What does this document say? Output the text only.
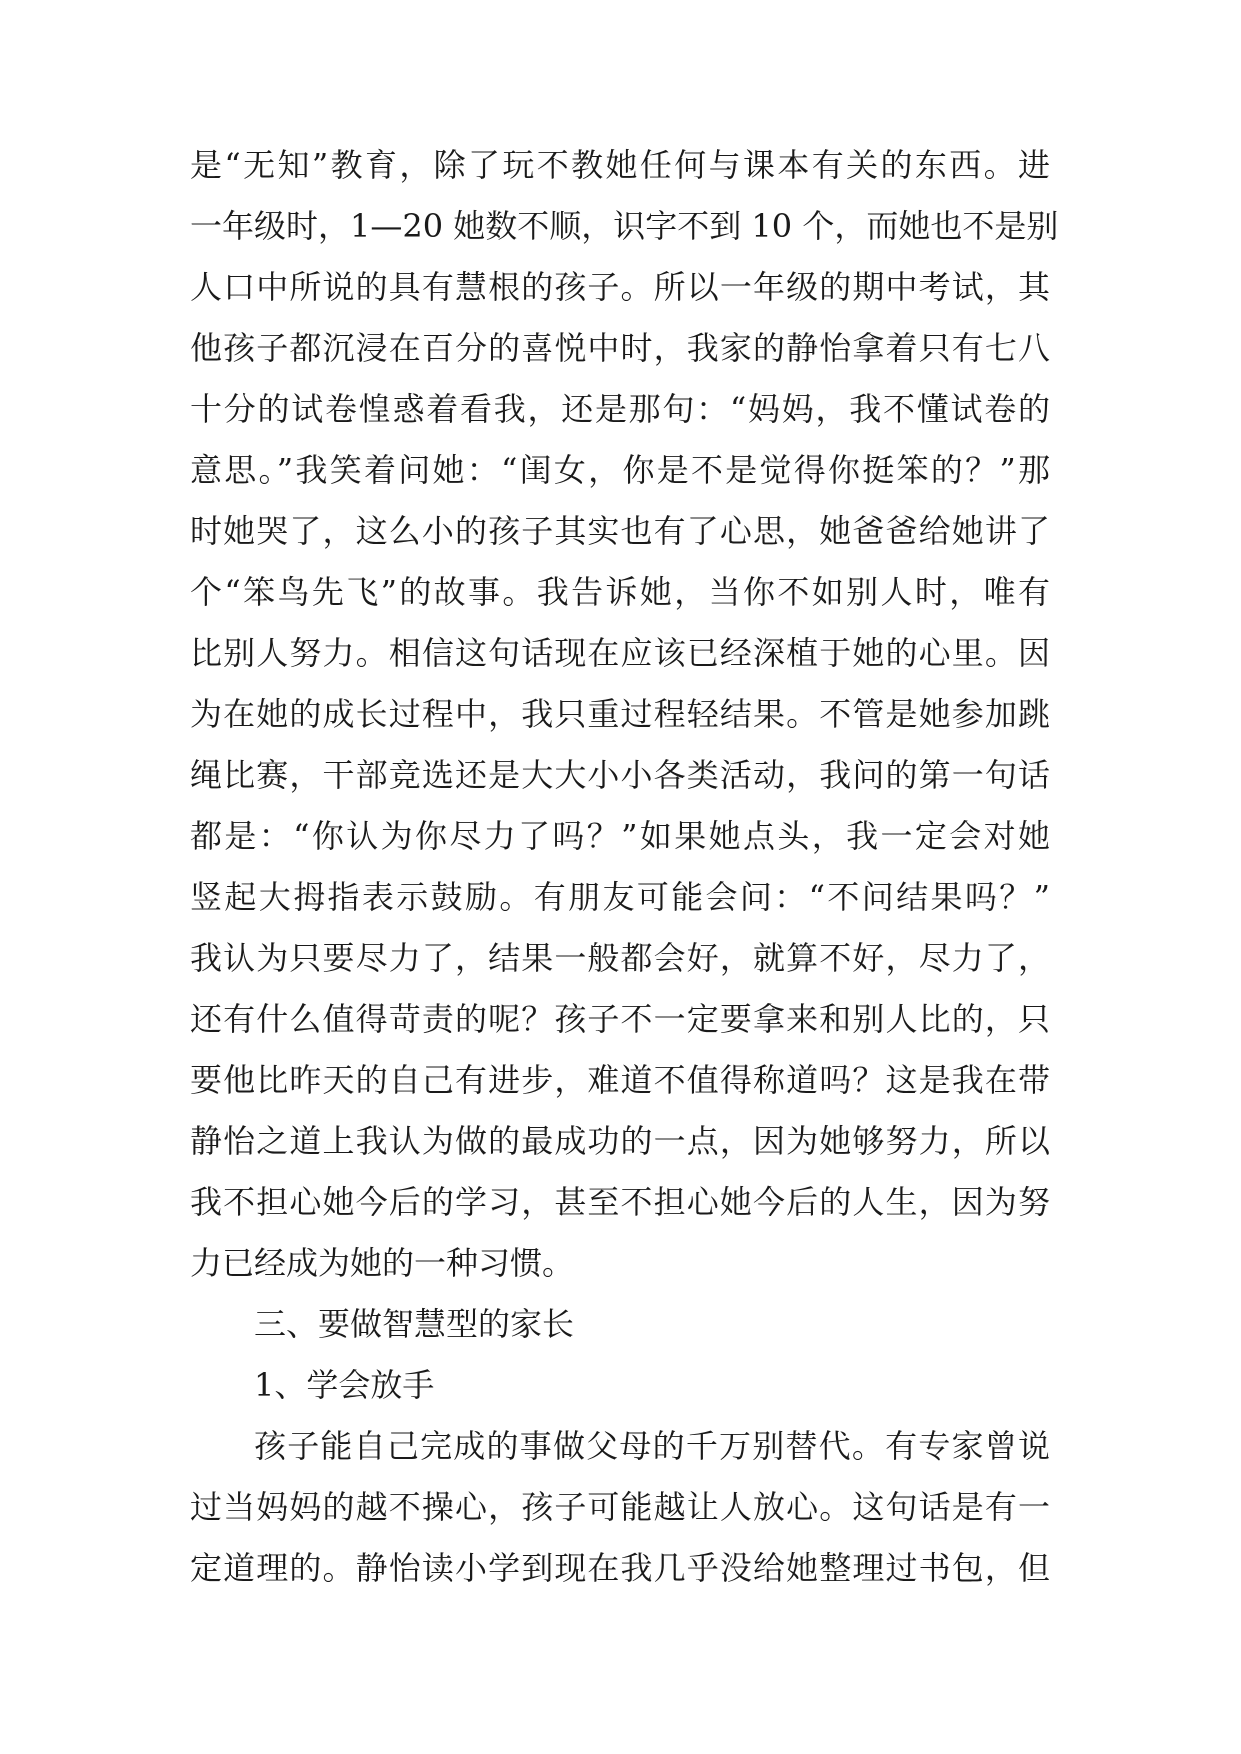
是“无知”教育，除了玩不教她任何与课本有关的东西。进
一年级时，1—20 她数不顺，识字不到 10 个，而她也不是别
人口中所说的具有慧根的孩子。所以一年级的期中考试，其
他孩子都沉浸在百分的喜悦中时，我家的静怡拿着只有七八
十分的试卷惶惑着看我，还是那句：“妈妈，我不懂试卷的
意思。”我笑着问她：“闺女，你是不是觉得你挺笨的？”那
时她哭了，这么小的孩子其实也有了心思，她爸爸给她讲了
个“笨鸟先飞”的故事。我告诉她，当你不如别人时，唯有
比别人努力。相信这句话现在应该已经深植于她的心里。因
为在她的成长过程中，我只重过程轻结果。不管是她参加跳
绳比赛，干部竞选还是大大小小各类活动，我问的第一句话
都是：“你认为你尽力了吗？”如果她点头，我一定会对她
竖起大拇指表示鼓励。有朋友可能会问：“不问结果吗？”
我认为只要尽力了，结果一般都会好，就算不好，尽力了，
还有什么值得苛责的呢？孩子不一定要拿来和别人比的，只
要他比昨天的自己有进步，难道不值得称道吗？这是我在带
静怡之道上我认为做的最成功的一点，因为她够努力，所以
我不担心她今后的学习，甚至不担心她今后的人生，因为努
力已经成为她的一种习惯。
三、要做智慧型的家长
1、学会放手
孩子能自己完成的事做父母的千万别替代。有专家曾说
过当妈妈的越不操心，孩子可能越让人放心。这句话是有一
定道理的。静怡读小学到现在我几乎没给她整理过书包，但
